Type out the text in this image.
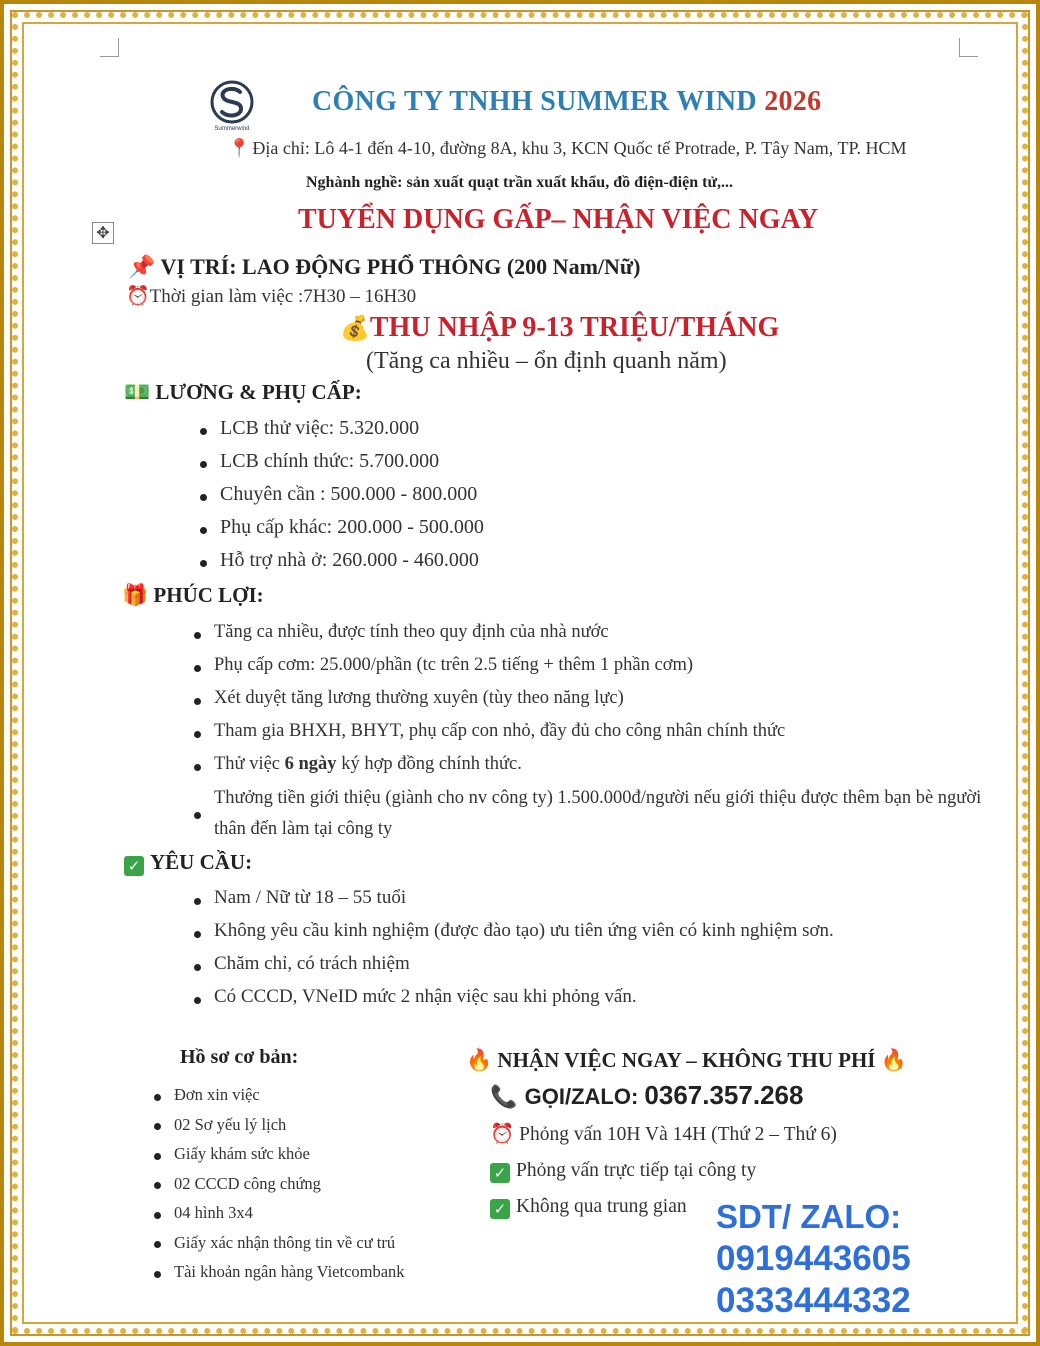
Summerwind
CÔNG TY TNHH SUMMER WIND 2026
📍 Địa chỉ: Lô 4-1 đến 4-10, đường 8A, khu 3, KCN Quốc tế Protrade, P. Tây Nam, TP. HCM
Nghành nghề: sản xuất quạt trần xuất khẩu, đồ điện-điện tử,...
✥	TUYỂN DỤNG GẤP– NHẬN VIỆC NGAY
📌 VỊ TRÍ: LAO ĐỘNG PHỔ THÔNG (200 Nam/Nữ)
⏰Thời gian làm việc :7H30 – 16H30
💰THU NHẬP 9-13 TRIỆU/THÁNG
(Tăng ca nhiều – ổn định quanh năm)
💵 LƯƠNG & PHỤ CẤP:
LCB thử việc: 5.320.000
LCB chính thức: 5.700.000
Chuyên cần : 500.000 - 800.000
Phụ cấp khác: 200.000 - 500.000
Hỗ trợ nhà ở: 260.000 - 460.000
🎁 PHÚC LỢI:
Tăng ca nhiều, được tính theo quy định của nhà nước
Phụ cấp cơm: 25.000/phần (tc trên 2.5 tiếng + thêm 1 phần cơm)
Xét duyệt tăng lương thường xuyên (tùy theo năng lực)
Tham gia BHXH, BHYT, phụ cấp con nhỏ, đầy đủ cho công nhân chính thức
Thử việc 6 ngày ký hợp đồng chính thức.
Thưởng tiền giới thiệu (giành cho nv công ty) 1.500.000đ/người nếu giới thiệu được thêm bạn bè người thân đến làm tại công ty
✓ YÊU CẦU:
Nam / Nữ từ 18 – 55 tuổi
Không yêu cầu kinh nghiệm (được đào tạo) ưu tiên ứng viên có kinh nghiệm sơn.
Chăm chỉ, có trách nhiệm
Có CCCD, VNeID mức 2 nhận việc sau khi phỏng vấn.
Hồ sơ cơ bản:
Đơn xin việc
02 Sơ yếu lý lịch
Giấy khám sức khỏe
02 CCCD công chứng
04 hình 3x4
Giấy xác nhận thông tin về cư trú
Tài khoản ngân hàng Vietcombank
🔥 NHẬN VIỆC NGAY – KHÔNG THU PHÍ 🔥
📞 GỌI/ZALO: 0367.357.268
⏰ Phỏng vấn 10H Và 14H (Thứ 2 – Thứ 6)
✓ Phỏng vấn trực tiếp tại công ty
✓ Không qua trung gian SDT/ ZALO:
0919443605
0333444332
